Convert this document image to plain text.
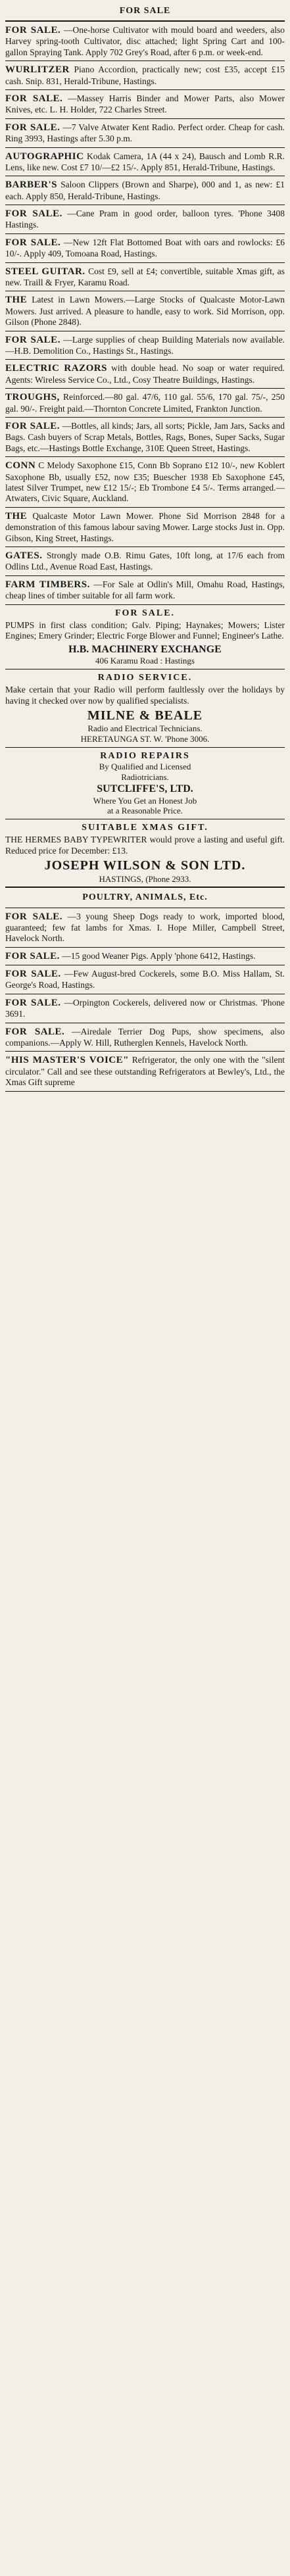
FOR SALE
FOR SALE. —One-horse Cultivator with mould board and weeders, also Harvey spring-tooth Cultivator, disc attached; light Spring Cart and 100-gallon Spraying Tank. Apply 702 Grey's Road, after 6 p.m. or week-end.
WURLITZER Piano Accordion, practically new; cost £35, accept £15 cash. Snip. 831, Herald-Tribune, Hastings.
FOR SALE. —Massey Harris Binder and Mower Parts, also Mower Knives, etc. L. H. Holder, 722 Charles Street.
FOR SALE. —7 Valve Atwater Kent Radio. Perfect order. Cheap for cash. Ring 3993, Hastings after 5.30 p.m.
AUTOGRAPHIC Kodak Camera, 1A (44 x 24), Bausch and Lomb R.R. Lens, like new. Cost £7 10/—£2 15/-. Apply 851, Herald-Tribune, Hastings.
BARBER'S Saloon Clippers (Brown and Sharpe), 000 and 1, as new: £1 each. Apply 850, Herald-Tribune, Hastings.
FOR SALE. —Cane Pram in good order, balloon tyres. 'Phone 3408 Hastings.
FOR SALE. —New 12ft Flat Bottomed Boat with oars and rowlocks: £6 10/-. Apply 409, Tomoana Road, Hastings.
STEEL GUITAR. Cost £9, sell at £4; convertible, suitable Xmas gift, as new. Traill & Fryer, Karamu Road.
THE Latest in Lawn Mowers.—Large Stocks of Qualcaste Motor-Lawn Mowers. Just arrived. A pleasure to handle, easy to work. Sid Morrison, opp. Gilson (Phone 2848).
FOR SALE. —Large supplies of cheap Building Materials now available. —H.B. Demolition Co., Hastings St., Hastings.
ELECTRIC RAZORS with double head. No soap or water required. Agents: Wireless Service Co., Ltd., Cosy Theatre Buildings, Hastings.
TROUGHS, Reinforced.—80 gal. 47/6, 110 gal. 55/6, 170 gal. 75/-, 250 gal. 90/-. Freight paid.—Thornton Concrete Limited, Frankton Junction.
FOR SALE. —Bottles, all kinds; Jars, all sorts; Pickle, Jam Jars, Sacks and Bags. Cash buyers of Scrap Metals, Bottles, Rags, Bones, Super Sacks, Sugar Bags, etc.—Hastings Bottle Exchange, 310E Queen Street, Hastings.
CONN C Melody Saxophone £15, Conn Bb Soprano £12 10/-, new Koblert Saxophone Bb, usually £52, now £35; Buescher 1938 Eb Saxophone £45, latest Silver Trumpet, new £12 15/-; Eb Trombone £4 5/-. Terms arranged.—Atwaters, Civic Square, Auckland.
THE Qualcaste Motor Lawn Mower. Phone Sid Morrison 2848 for a demonstration of this famous labour saving Mower. Large stocks Just in. Opp. Gibson, King Street, Hastings.
GATES. Strongly made O.B. Rimu Gates, 10ft long, at 17/6 each from Odlins Ltd., Avenue Road East, Hastings.
FARM TIMBERS. —For Sale at Odlin's Mill, Omahu Road, Hastings, cheap lines of timber suitable for all farm work.
FOR SALE.
PUMPS in first class condition; Galv. Piping; Haynakes; Mowers; Lister Engines; Emery Grinder; Electric Forge Blower and Funnel; Engineer's Lathe.
H.B. MACHINERY EXCHANGE
406 Karamu Road : Hastings
RADIO SERVICE.
Make certain that your Radio will perform faultlessly over the holidays by having it checked over now by qualified specialists.
MILNE & BEALE
Radio and Electrical Technicians.
HERETAUNGA ST. W. 'Phone 3006.
RADIO REPAIRS
By Qualified and Licensed
Radiotricians.
SUTCLIFFE'S, LTD.
Where You Get an Honest Job
at a Reasonable Price.
SUITABLE XMAS GIFT.
THE HERMES BABY TYPEWRITER would prove a lasting and useful gift. Reduced price for December: £13.
JOSEPH WILSON & SON LTD.
HASTINGS, (Phone 2933.
POULTRY, ANIMALS, Etc.
FOR SALE. —3 young Sheep Dogs ready to work, imported blood, guaranteed; few fat lambs for Xmas. I. Hope Miller, Campbell Street, Havelock North.
FOR SALE. —15 good Weaner Pigs. Apply 'phone 6412, Hastings.
FOR SALE. —Few August-bred Cockerels, some B.O. Miss Hallam, St. George's Road, Hastings.
FOR SALE. —Orpington Cockerels, delivered now or Christmas. 'Phone 3691.
FOR SALE. —Airedale Terrier Dog Pups, show specimens, also companions.—Apply W. Hill, Rutherglen Kennels, Havelock North.
"HIS MASTER'S VOICE" Refrigerator, the only one with the "silent circulator." Call and see these outstanding Refrigerators at Bewley's, Ltd., the Xmas Gift supreme
